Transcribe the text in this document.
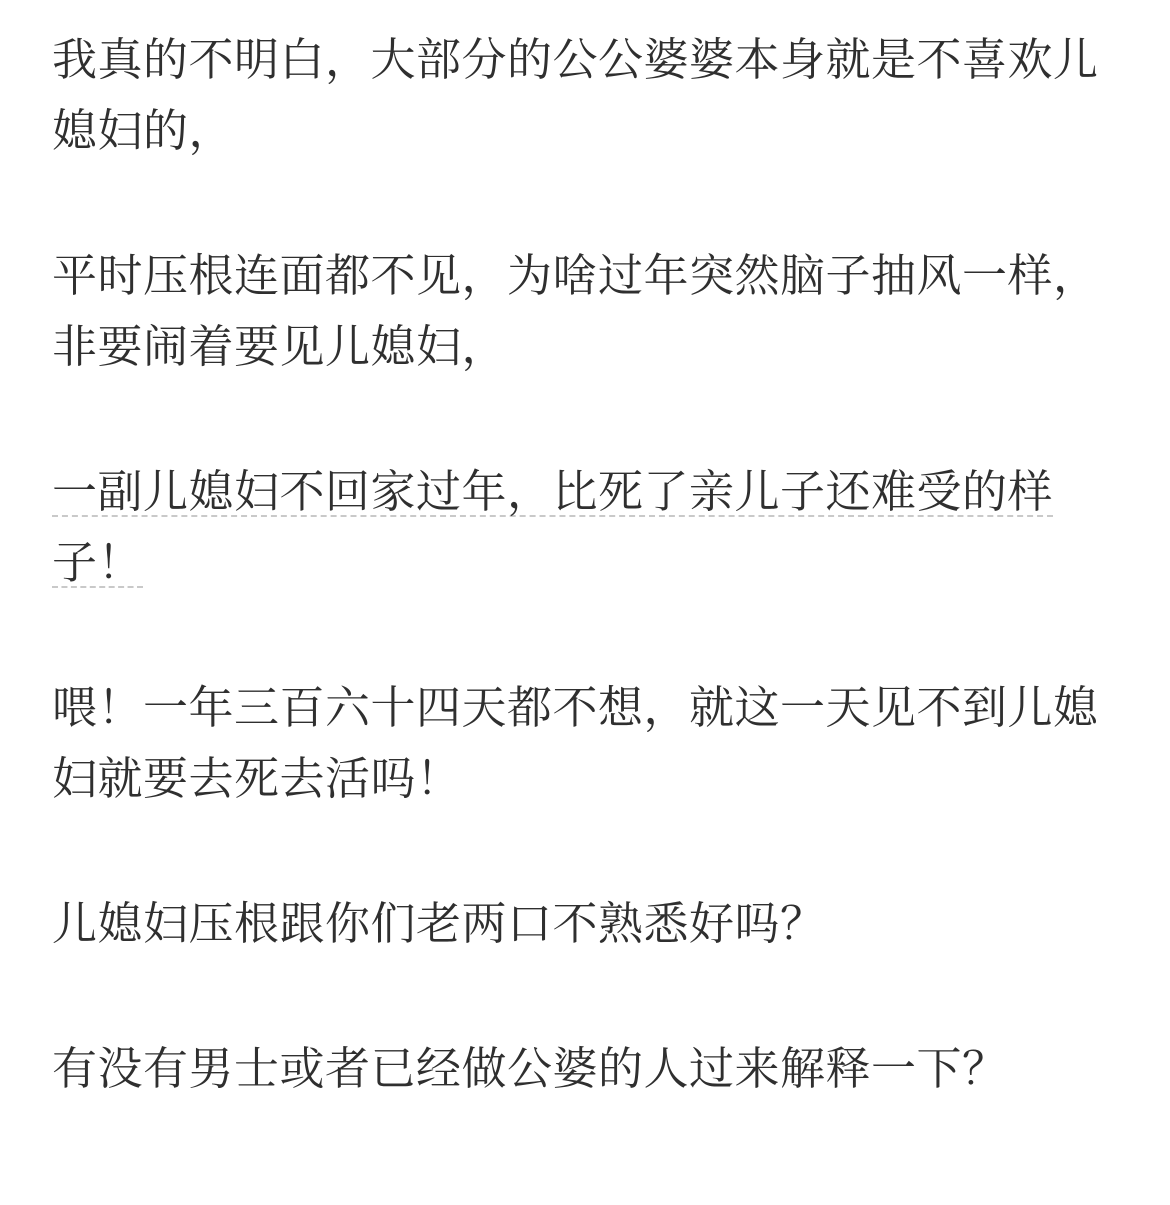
我真的不明白，大部分的公公婆婆本身就是不喜欢儿媳妇的，

平时压根连面都不见，为啥过年突然脑子抽风一样，非要闹着要见儿媳妇，

一副儿媳妇不回家过年，比死了亲儿子还难受的样子！

喂！一年三百六十四天都不想，就这一天见不到儿媳妇就要去死去活吗！

儿媳妇压根跟你们老两口不熟悉好吗？

有没有男士或者已经做公婆的人过来解释一下？
